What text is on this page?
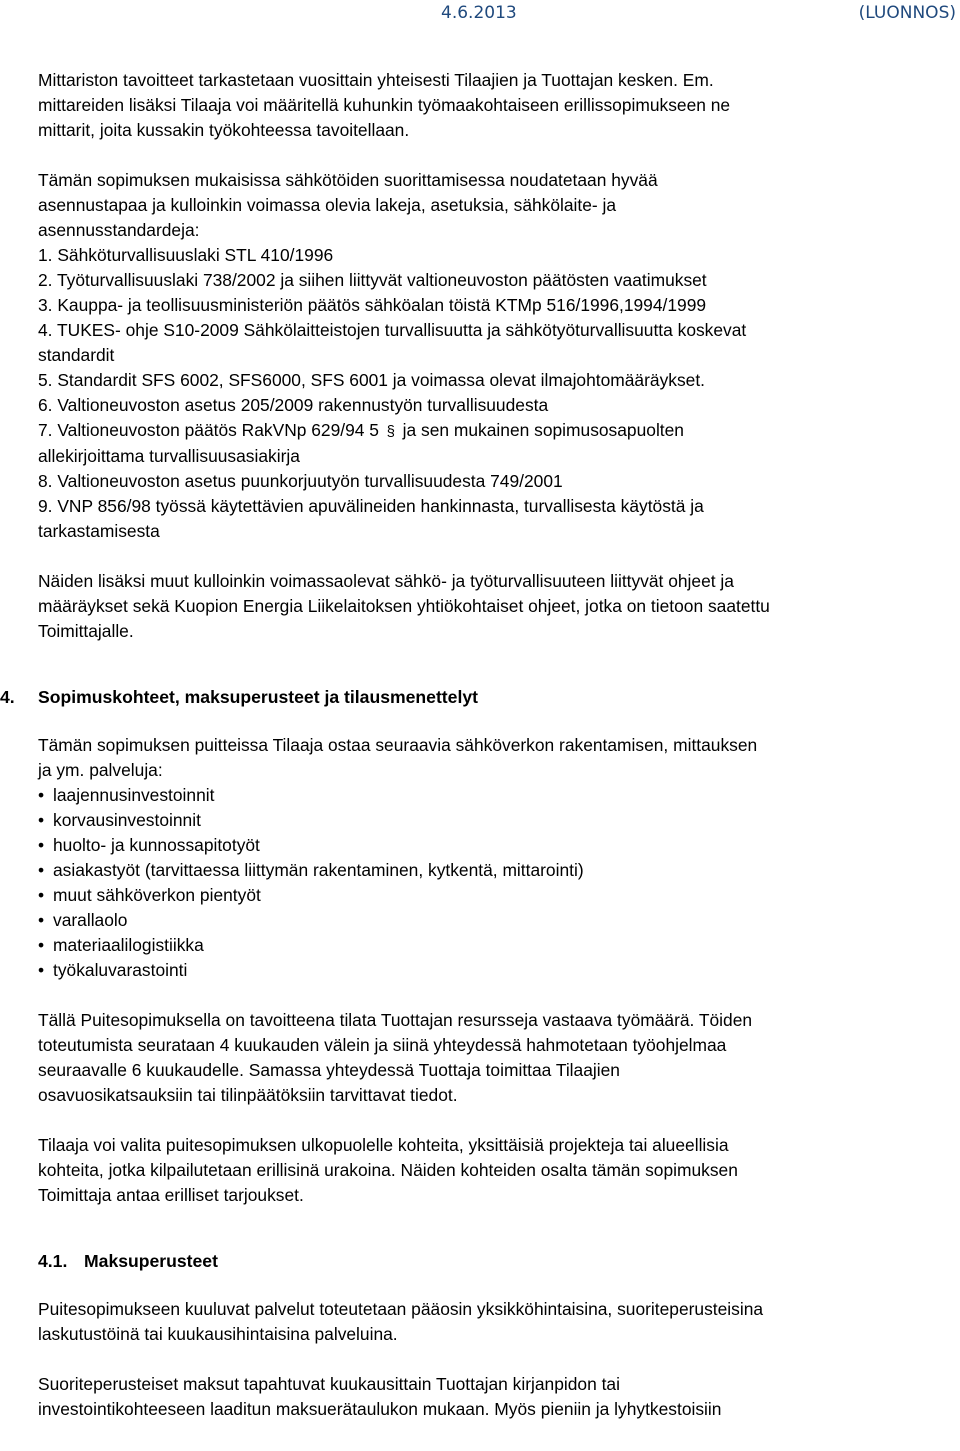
4.6.2013	(LUONNOS)

Mittariston tavoitteet tarkastetaan vuosittain yhteisesti Tilaajien ja Tuottajan kesken. Em.
mittareiden lisäksi Tilaaja voi määritellä kuhunkin työmaakohtaiseen erillissopimukseen ne
mittarit, joita kussakin työkohteessa tavoitellaan.

Tämän sopimuksen mukaisissa sähkötöiden suorittamisessa noudatetaan hyvää
asennustapaa ja kulloinkin voimassa olevia lakeja, asetuksia, sähkölaite- ja
asennusstandardeja:

1. Sähköturvallisuuslaki STL 410/1996

2. Työturvallisuuslaki 738/2002 ja siihen liittyvät valtioneuvoston päätösten vaatimukset

3. Kauppa- ja teollisuusministeriön päätös sähköalan töistä KTMp 516/1996,1994/1999

4. TUKES- ohje S10-2009 Sähkölaitteistojen turvallisuutta ja sähkötyöturvallisuutta koskevat

standardit

5. Standardit SFS 6002, SFS6000, SFS 6001 ja voimassa olevat ilmajohtomääräykset.

6. Valtioneuvoston asetus 205/2009 rakennustyön turvallisuudesta

7. Valtioneuvoston päätös RakVNp 629/94 5 § ja sen mukainen sopimusosapuolten

allekirjoittama turvallisuusasiakirja

8. Valtioneuvoston asetus puunkorjuutyön turvallisuudesta 749/2001

9. VNP 856/98 työssä käytettävien apuvälineiden hankinnasta, turvallisesta käytöstä ja

tarkastamisesta

Näiden lisäksi muut kulloinkin voimassaolevat sähkö- ja työturvallisuuteen liittyvät ohjeet ja
määräykset sekä Kuopion Energia Liikelaitoksen yhtiökohtaiset ohjeet, jotka on tietoon saatettu
Toimittajalle.

4.	Sopimuskohteet, maksuperusteet ja tilausmenettelyt

Tämän sopimuksen puitteissa Tilaaja ostaa seuraavia sähköverkon rakentamisen, mittauksen
ja ym. palveluja:

• laajennusinvestoinnit
• korvausinvestoinnit
• huolto- ja kunnossapitotyöt
• asiakastyöt (tarvittaessa liittymän rakentaminen, kytkentä, mittarointi)
• muut sähköverkon pientyöt
• varallaolo
• materiaalilogistiikka
• työkaluvarastointi

Tällä Puitesopimuksella on tavoitteena tilata Tuottajan resursseja vastaava työmäärä. Töiden
toteutumista seurataan 4 kuukauden välein ja siinä yhteydessä hahmotetaan työohjelmaa
seuraavalle 6 kuukaudelle. Samassa yhteydessä Tuottaja toimittaa Tilaajien
osavuosikatsauksiin tai tilinpäätöksiin tarvittavat tiedot.

Tilaaja voi valita puitesopimuksen ulkopuolelle kohteita, yksittäisiä projekteja tai alueellisia
kohteita, jotka kilpailutetaan erillisinä urakoina. Näiden kohteiden osalta tämän sopimuksen
Toimittaja antaa erilliset tarjoukset.

4.1. Maksuperusteet

Puitesopimukseen kuuluvat palvelut toteutetaan pääosin yksikköhintaisina, suoriteperusteisina
laskutustöinä tai kuukausihintaisina palveluina.

Suoriteperusteiset maksut tapahtuvat kuukausittain Tuottajan kirjanpidon tai
investointikohteeseen laaditun maksuerätaulukon mukaan. Myös pieniin ja lyhytkestoisiin
